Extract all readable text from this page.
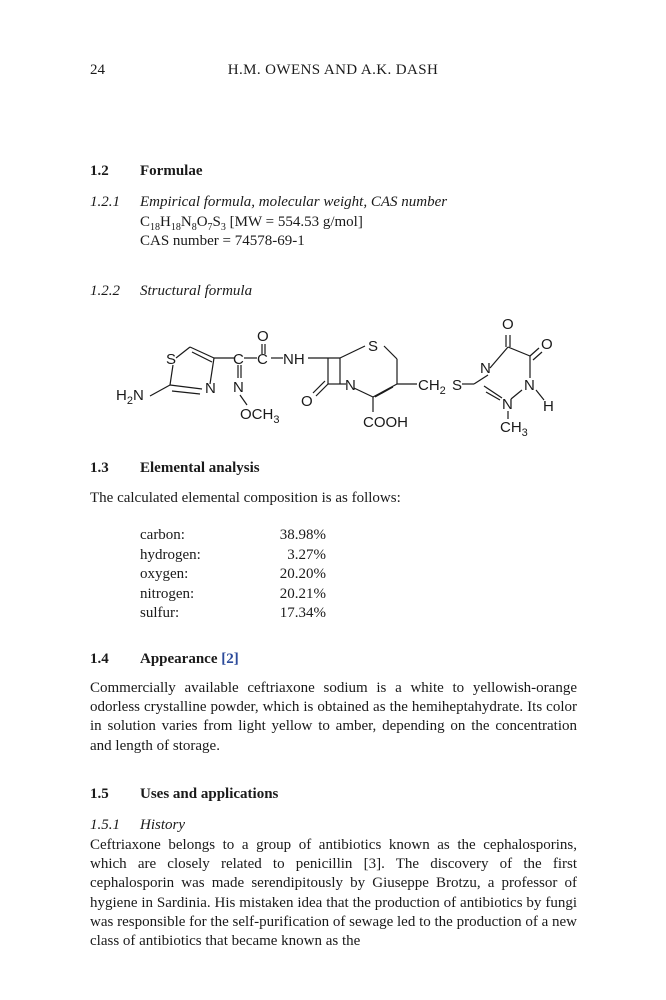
24	H.M. OWENS AND A.K. DASH
1.2 Formulae
1.2.1 Empirical formula, molecular weight, CAS number
$C_{18}H_{18}N_8O_7S_3$ [MW = 554.53 g/mol]
CAS number = 74578-69-1
1.2.2 Structural formula
S
N
$H_2N$
C C
O
NH
N
$OCH_3$
S
N
O
COOH
$CH_2$ S
N
N
N
O
O
H
$CH_3$
1.3 Elemental analysis
The calculated elemental composition is as follows:
carbon:	38.98%
hydrogen:	3.27%
oxygen:	20.20%
nitrogen:	20.21%
sulfur:	17.34%
1.4 Appearance [2]
Commercially available ceftriaxone sodium is a white to yellowish-orange odorless crystalline powder, which is obtained as the hemiheptahydrate. Its color in solution varies from light yellow to amber, depending on the concentration and length of storage.
1.5 Uses and applications
1.5.1 History
Ceftriaxone belongs to a group of antibiotics known as the cephalosporins, which are closely related to penicillin [3]. The discovery of the first cephalosporin was made serendipitously by Giuseppe Brotzu, a professor of hygiene in Sardinia. His mistaken idea that the production of antibiotics by fungi was responsible for the self-purification of sewage led to the production of a new class of antibiotics that became known as the
